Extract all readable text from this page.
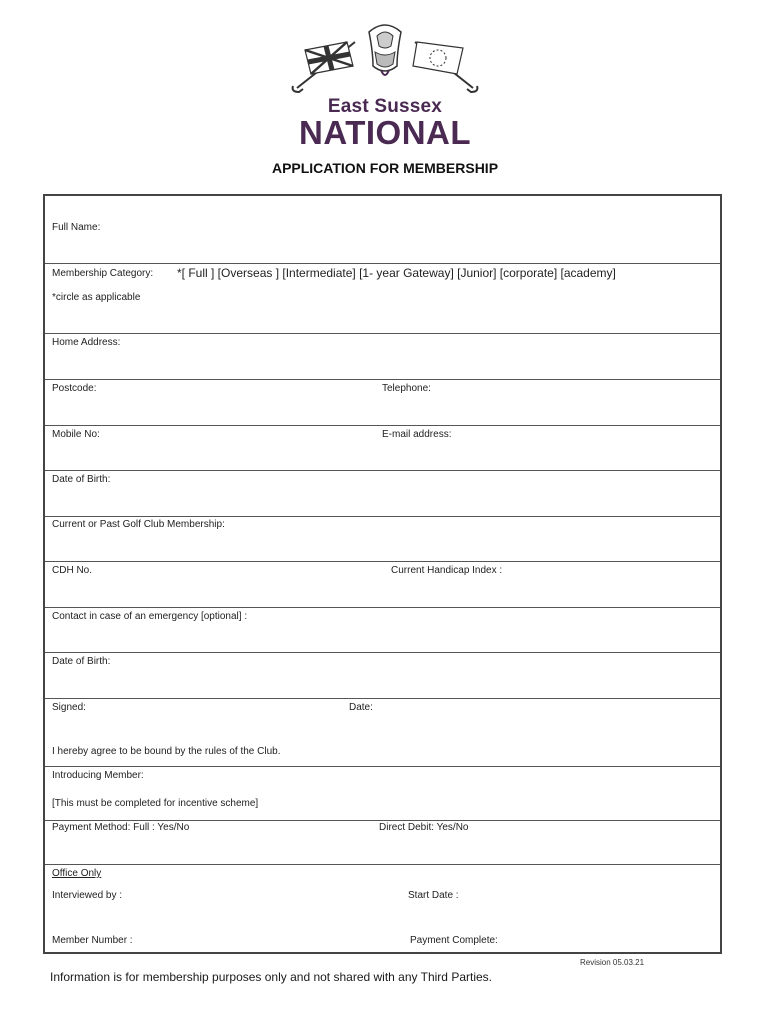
East Sussex
NATIONAL
APPLICATION FOR MEMBERSHIP
Full Name:
Membership Category: *[ Full ] [Overseas ] [Intermediate] [1- year Gateway] [Junior] [corporate] [academy]
*circle as applicable
Home Address:
Postcode:	Telephone:
Mobile No:	E-mail address:
Date of Birth:
Current or Past Golf Club Membership:
CDH No.	Current Handicap Index :
Contact in case of an emergency [optional] :
Date of Birth:
Signed:	Date:
I hereby agree to be bound by the rules of the Club.
Introducing Member:
[This must be completed for incentive scheme]
Payment Method: Full : Yes/No	Direct Debit: Yes/No
Office Only
Interviewed by :	Start Date :
Member Number :	Payment Complete:
Revision 05.03.21
Information is for membership purposes only and not shared with any Third Parties.
